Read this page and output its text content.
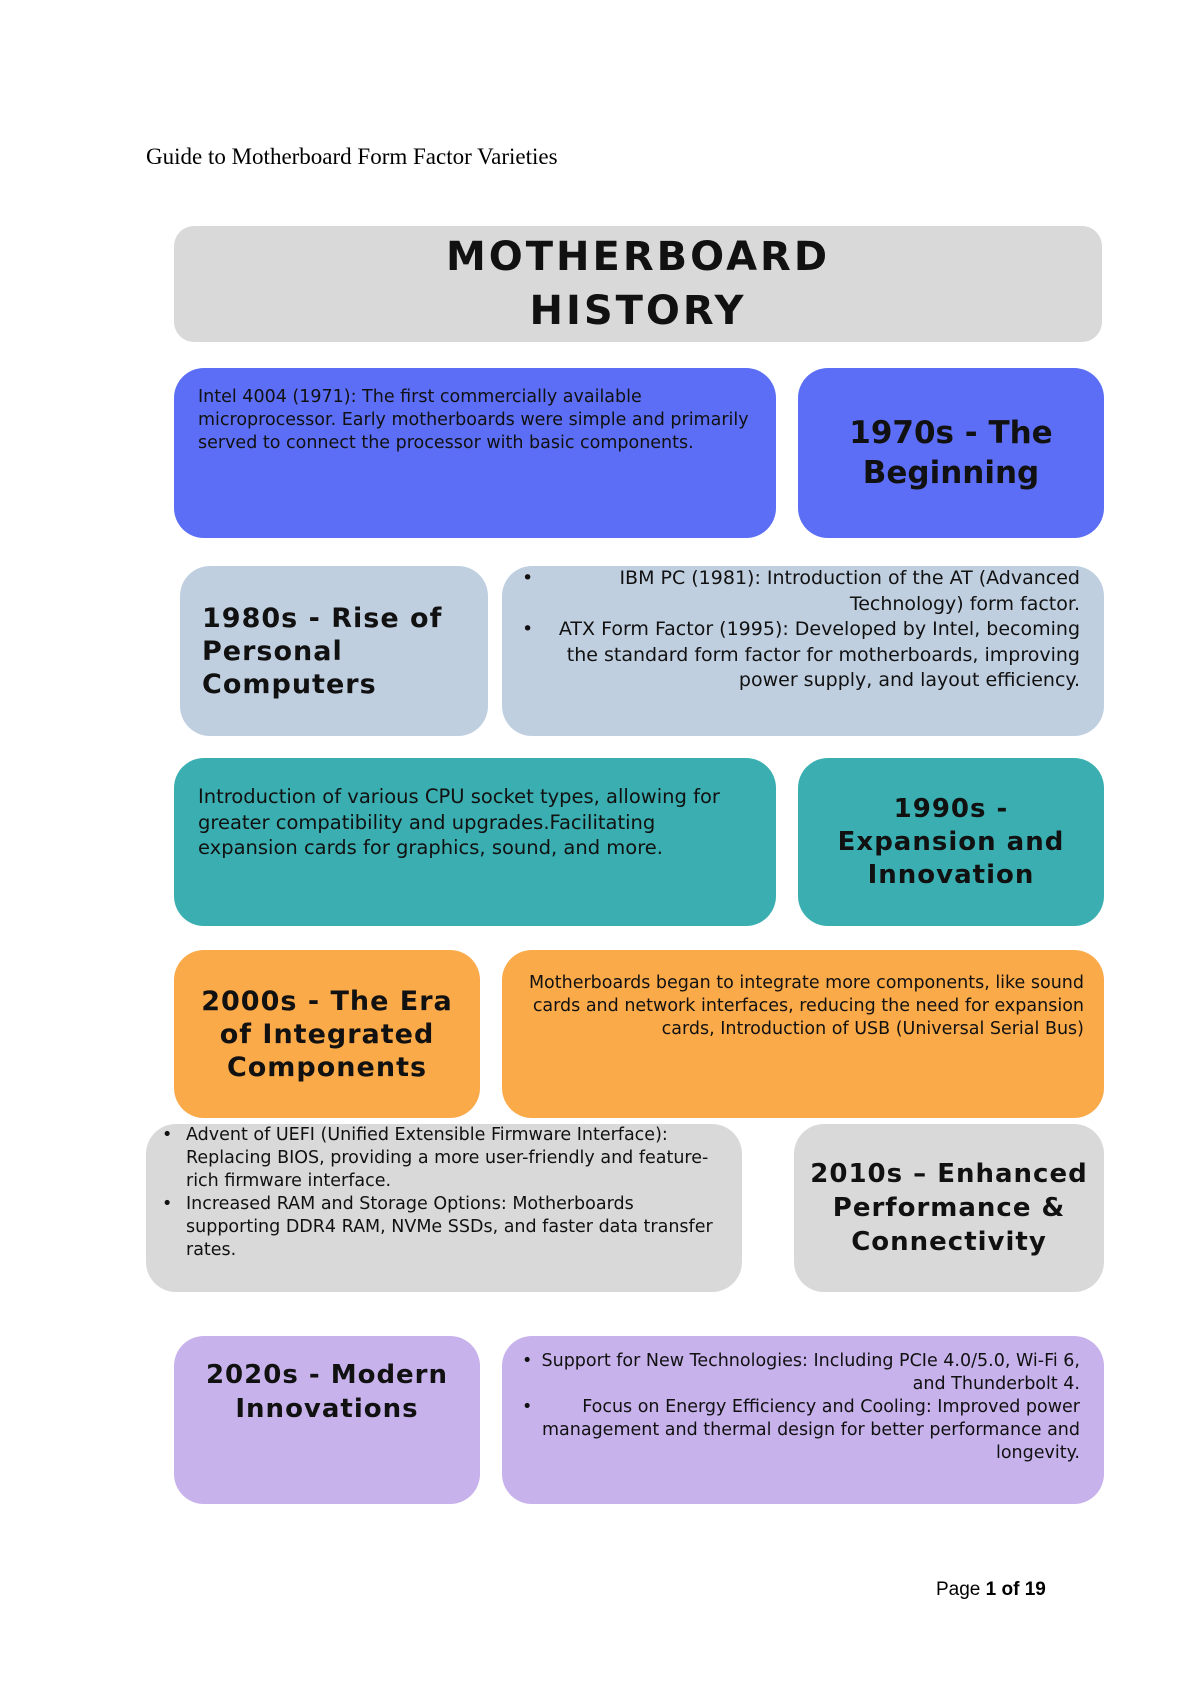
Guide to Motherboard Form Factor Varieties
MOTHERBOARD
HISTORY
Intel 4004 (1971): The first commercially available microprocessor. Early motherboards were simple and primarily served to connect the processor with basic components.	1970s - The Beginning
1980s - Rise of Personal Computers
• IBM PC (1981): Introduction of the AT (Advanced Technology) form factor.
• ATX Form Factor (1995): Developed by Intel, becoming the standard form factor for motherboards, improving power supply, and layout efficiency.
Introduction of various CPU socket types, allowing for greater compatibility and upgrades.Facilitating expansion cards for graphics, sound, and more.
1990s - Expansion and Innovation
2000s - The Era of Integrated Components
Motherboards began to integrate more components, like sound cards and network interfaces, reducing the need for expansion cards, Introduction of USB (Universal Serial Bus)
• Advent of UEFI (Unified Extensible Firmware Interface): Replacing BIOS, providing a more user-friendly and feature-rich firmware interface.
• Increased RAM and Storage Options: Motherboards supporting DDR4 RAM, NVMe SSDs, and faster data transfer rates.
2010s – Enhanced Performance & Connectivity
2020s - Modern Innovations
• Support for New Technologies: Including PCIe 4.0/5.0, Wi-Fi 6, and Thunderbolt 4.
• Focus on Energy Efficiency and Cooling: Improved power management and thermal design for better performance and longevity.
Page 1 of 19
